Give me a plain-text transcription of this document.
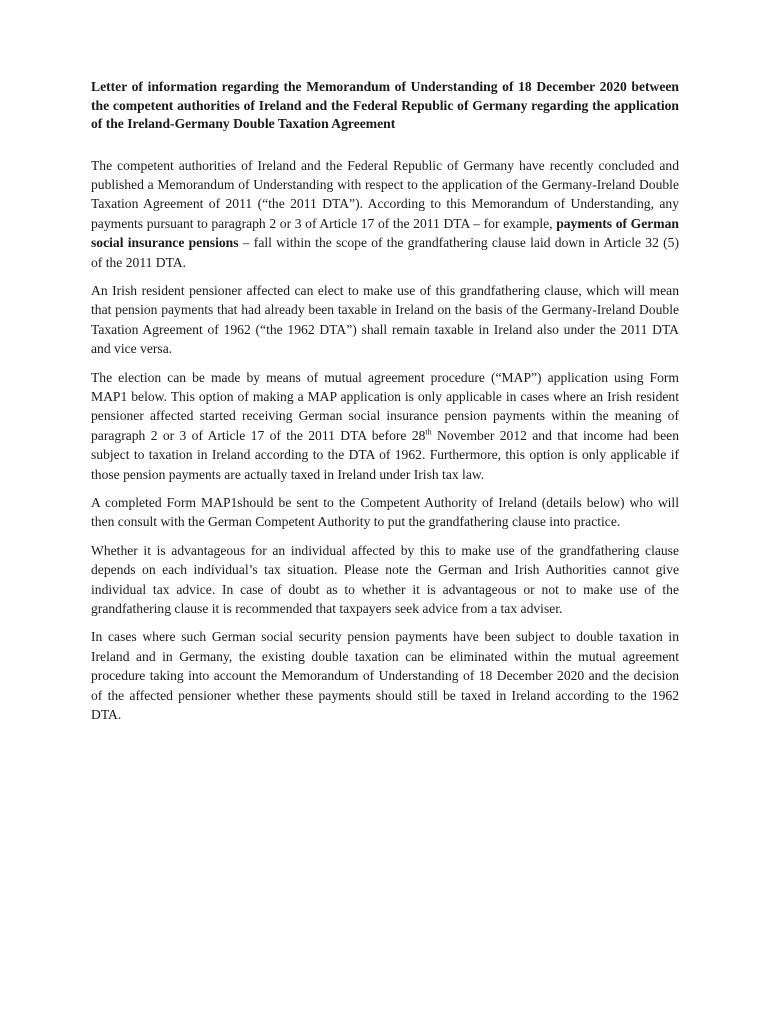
Letter of information regarding the Memorandum of Understanding of 18 December 2020 between the competent authorities of Ireland and the Federal Republic of Germany regarding the application of the Ireland-Germany Double Taxation Agreement

The competent authorities of Ireland and the Federal Republic of Germany have recently concluded and published a Memorandum of Understanding with respect to the application of the Germany-Ireland Double Taxation Agreement of 2011 (“the 2011 DTA”). According to this Memorandum of Understanding, any payments pursuant to paragraph 2 or 3 of Article 17 of the 2011 DTA – for example, payments of German social insurance pensions – fall within the scope of the grandfathering clause laid down in Article 32 (5) of the 2011 DTA.

An Irish resident pensioner affected can elect to make use of this grandfathering clause, which will mean that pension payments that had already been taxable in Ireland on the basis of the Germany-Ireland Double Taxation Agreement of 1962 (“the 1962 DTA”) shall remain taxable in Ireland also under the 2011 DTA and vice versa.

The election can be made by means of mutual agreement procedure (“MAP”) application using Form MAP1 below. This option of making a MAP application is only applicable in cases where an Irish resident pensioner affected started receiving German social insurance pension payments within the meaning of paragraph 2 or 3 of Article 17 of the 2011 DTA before 28th November 2012 and that income had been subject to taxation in Ireland according to the DTA of 1962. Furthermore, this option is only applicable if those pension payments are actually taxed in Ireland under Irish tax law.

A completed Form MAP1should be sent to the Competent Authority of Ireland (details below) who will then consult with the German Competent Authority to put the grandfathering clause into practice.

Whether it is advantageous for an individual affected by this to make use of the grandfathering clause depends on each individual’s tax situation. Please note the German and Irish Authorities cannot give individual tax advice. In case of doubt as to whether it is advantageous or not to make use of the grandfathering clause it is recommended that taxpayers seek advice from a tax adviser.

In cases where such German social security pension payments have been subject to double taxation in Ireland and in Germany, the existing double taxation can be eliminated within the mutual agreement procedure taking into account the Memorandum of Understanding of 18 December 2020 and the decision of the affected pensioner whether these payments should still be taxed in Ireland according to the 1962 DTA.
